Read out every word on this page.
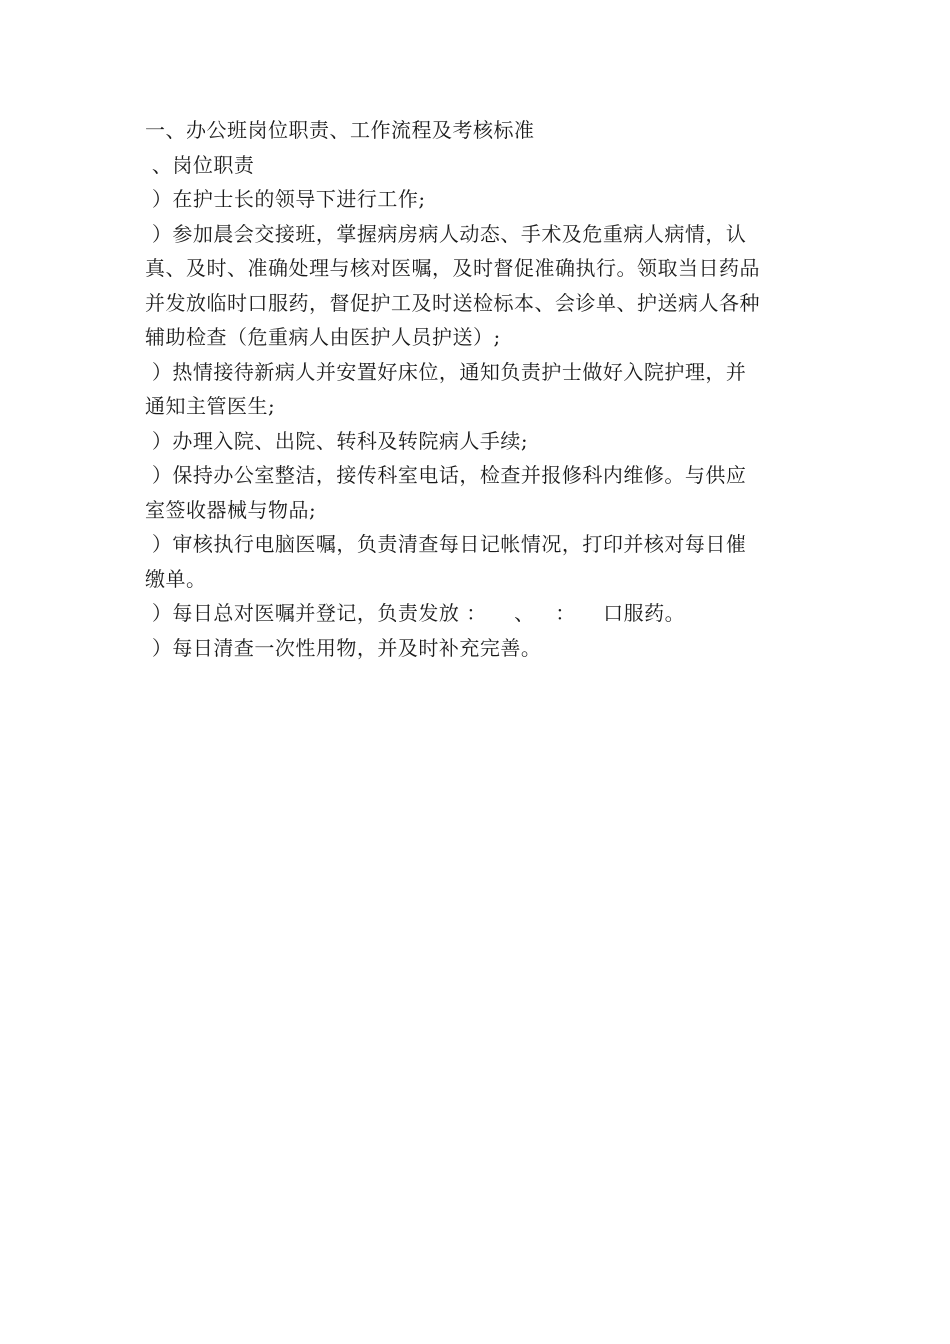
一、办公班岗位职责、工作流程及考核标准
、岗位职责
）在护士长的领导下进行工作;
）参加晨会交接班，掌握病房病人动态、手术及危重病人病情，认
真、及时、准确处理与核对医嘱，及时督促准确执行。领取当日药品
并发放临时口服药，督促护工及时送检标本、会诊单、护送病人各种
辅助检查（危重病人由医护人员护送）;
）热情接待新病人并安置好床位，通知负责护士做好入院护理，并
通知主管医生;
）办理入院、出院、转科及转院病人手续;
）保持办公室整洁，接传科室电话，检查并报修科内维修。与供应
室签收器械与物品;
）审核执行电脑医嘱，负责清查每日记帐情况，打印并核对每日催
缴单。
）每日总对医嘱并登记，负责发放 ：    、   ：    口服药。
）每日清查一次性用物，并及时补充完善。
